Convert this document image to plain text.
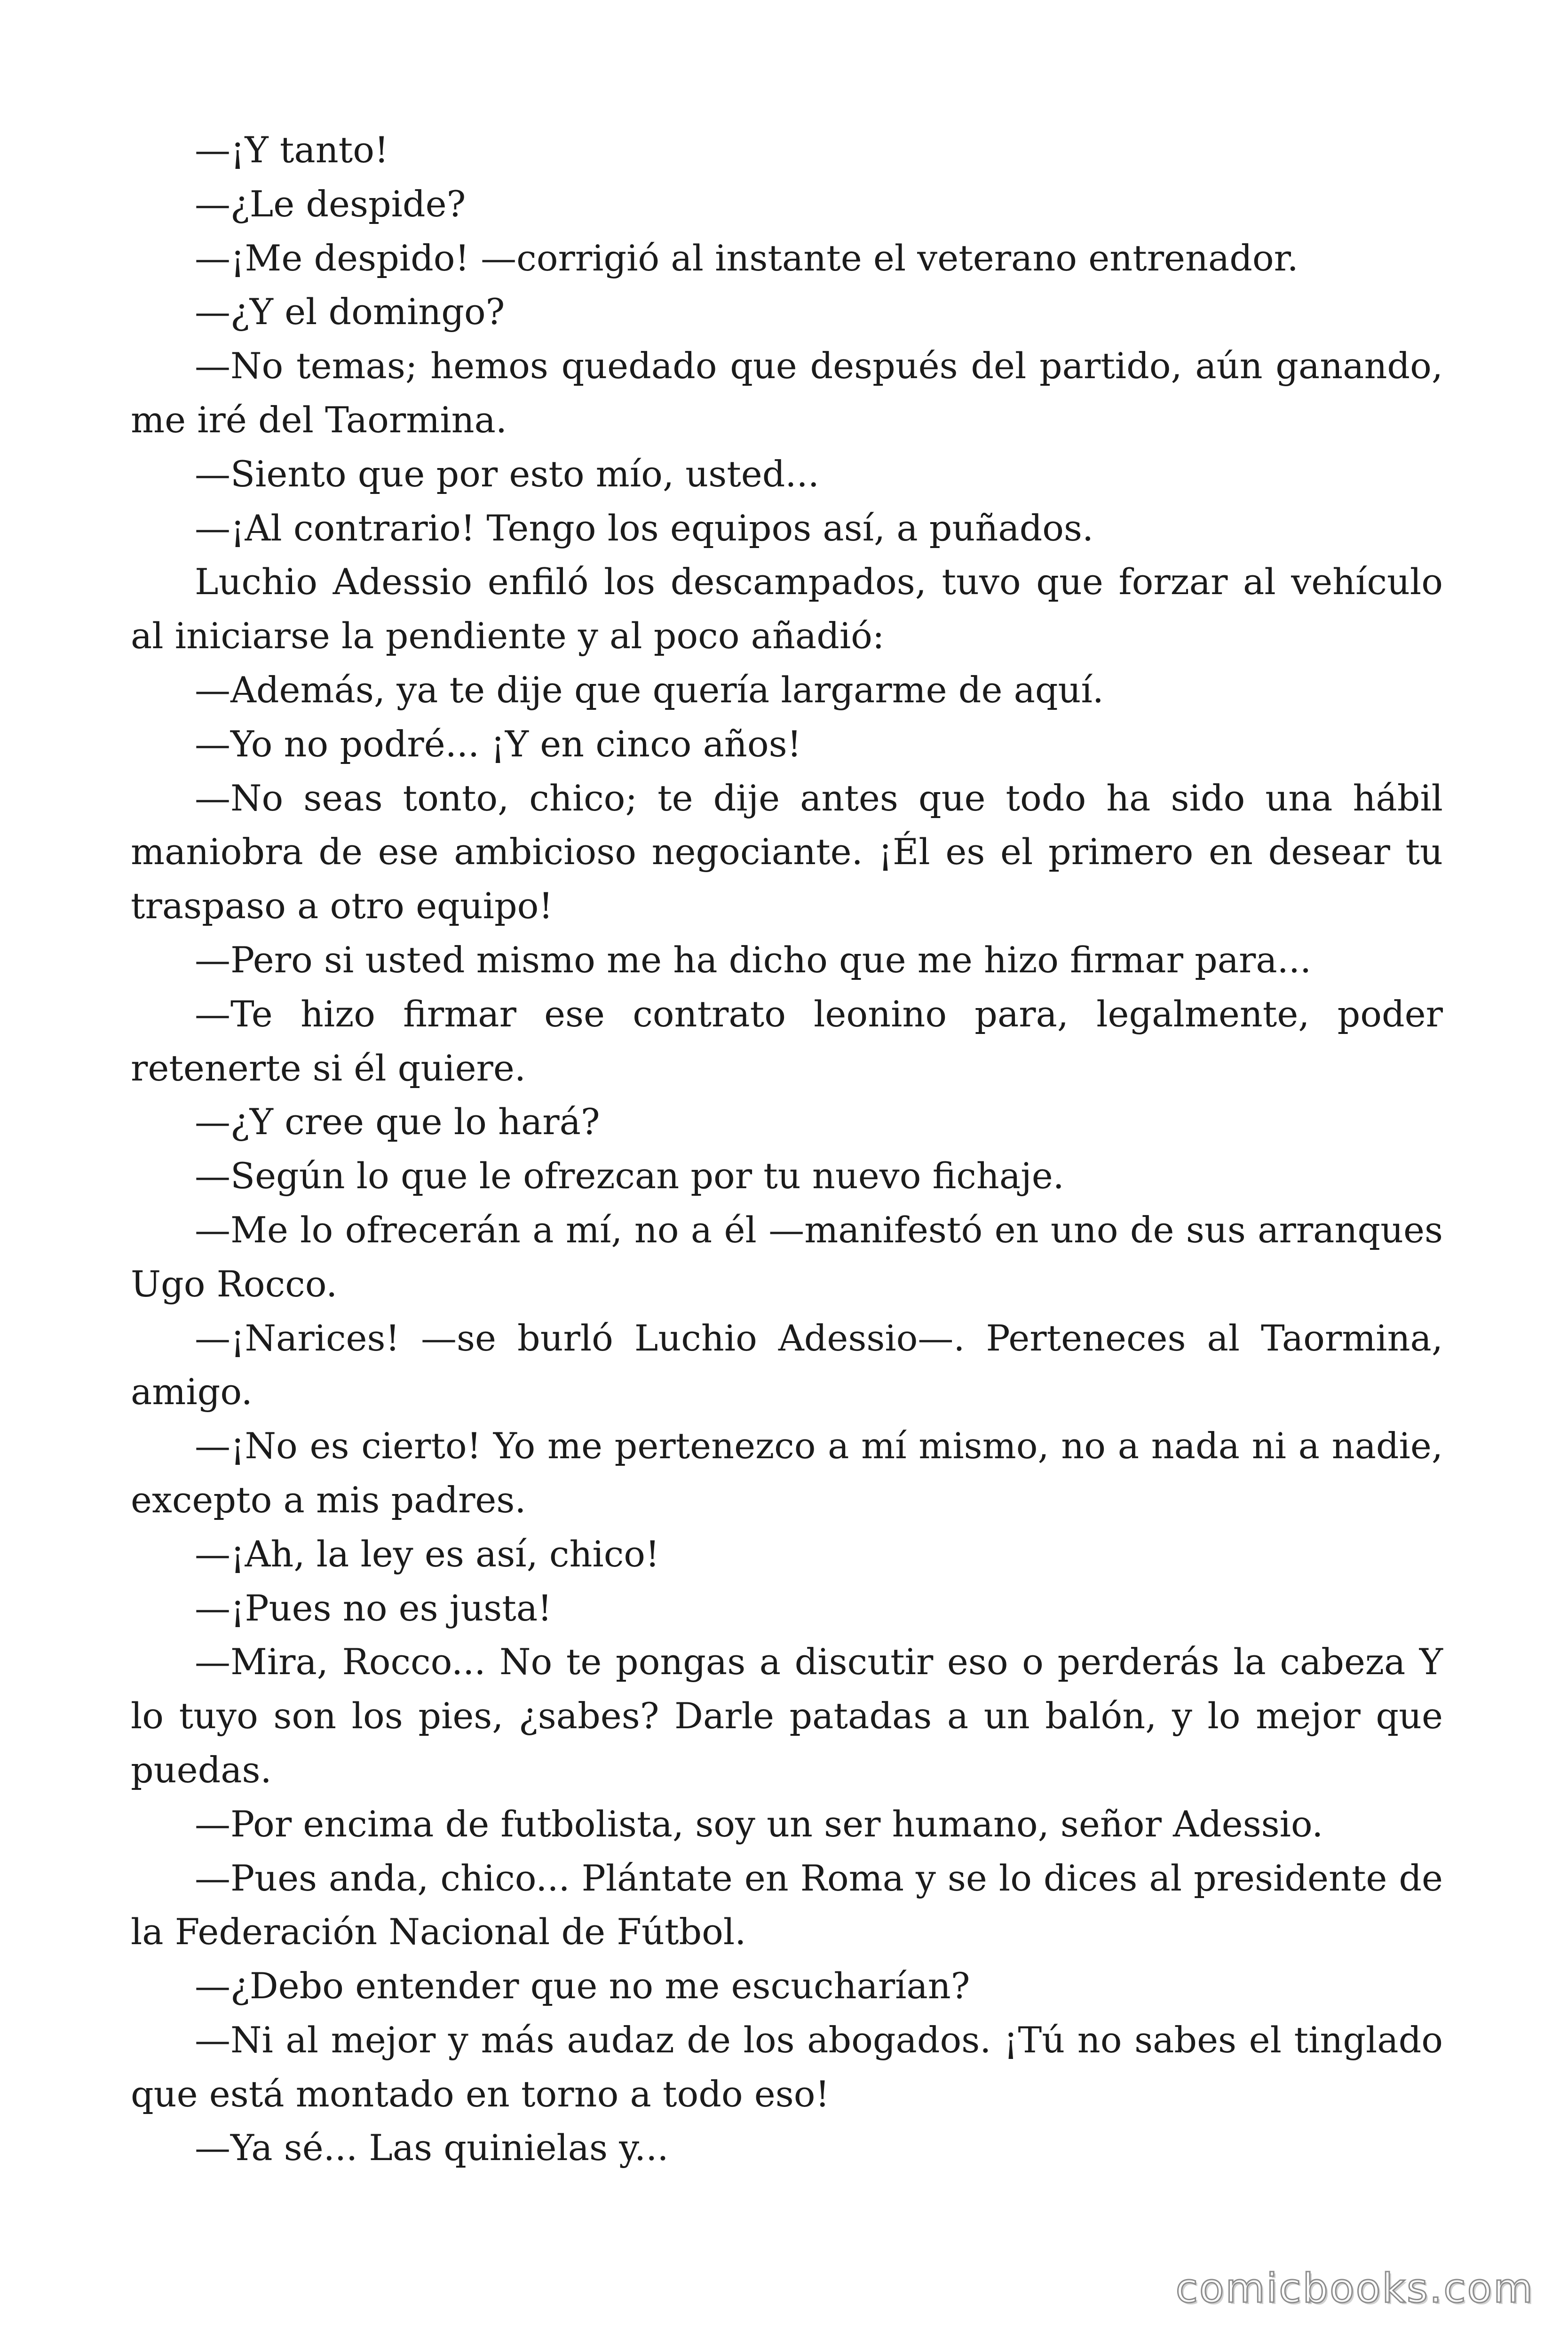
—¡Y tanto!

—¿Le despide?

—¡Me despido! —corrigió al instante el veterano entrenador.

—¿Y el domingo?

—No temas; hemos quedado que después del partido, aún ganando, me iré del Taormina.

—Siento que por esto mío, usted...

—¡Al contrario! Tengo los equipos así, a puñados.

Luchio Adessio enfiló los descampados, tuvo que forzar al vehículo al iniciarse la pendiente y al poco añadió:

—Además, ya te dije que quería largarme de aquí.

—Yo no podré... ¡Y en cinco años!

—No seas tonto, chico; te dije antes que todo ha sido una hábil maniobra de ese ambicioso negociante. ¡Él es el primero en desear tu traspaso a otro equipo!

—Pero si usted mismo me ha dicho que me hizo firmar para...

—Te hizo firmar ese contrato leonino para, legalmente, poder retenerte si él quiere.

—¿Y cree que lo hará?

—Según lo que le ofrezcan por tu nuevo fichaje.

—Me lo ofrecerán a mí, no a él —manifestó en uno de sus arranques Ugo Rocco.

—¡Narices! —se burló Luchio Adessio—. Perteneces al Taormina, amigo.

—¡No es cierto! Yo me pertenezco a mí mismo, no a nada ni a nadie, excepto a mis padres.

—¡Ah, la ley es así, chico!

—¡Pues no es justa!

—Mira, Rocco... No te pongas a discutir eso o perderás la cabeza Y lo tuyo son los pies, ¿sabes? Darle patadas a un balón, y lo mejor que puedas.

—Por encima de futbolista, soy un ser humano, señor Adessio.

—Pues anda, chico... Plántate en Roma y se lo dices al presidente de la Federación Nacional de Fútbol.

—¿Debo entender que no me escucharían?

—Ni al mejor y más audaz de los abogados. ¡Tú no sabes el tinglado que está montado en torno a todo eso!

—Ya sé... Las quinielas y...

comicbooks.com
